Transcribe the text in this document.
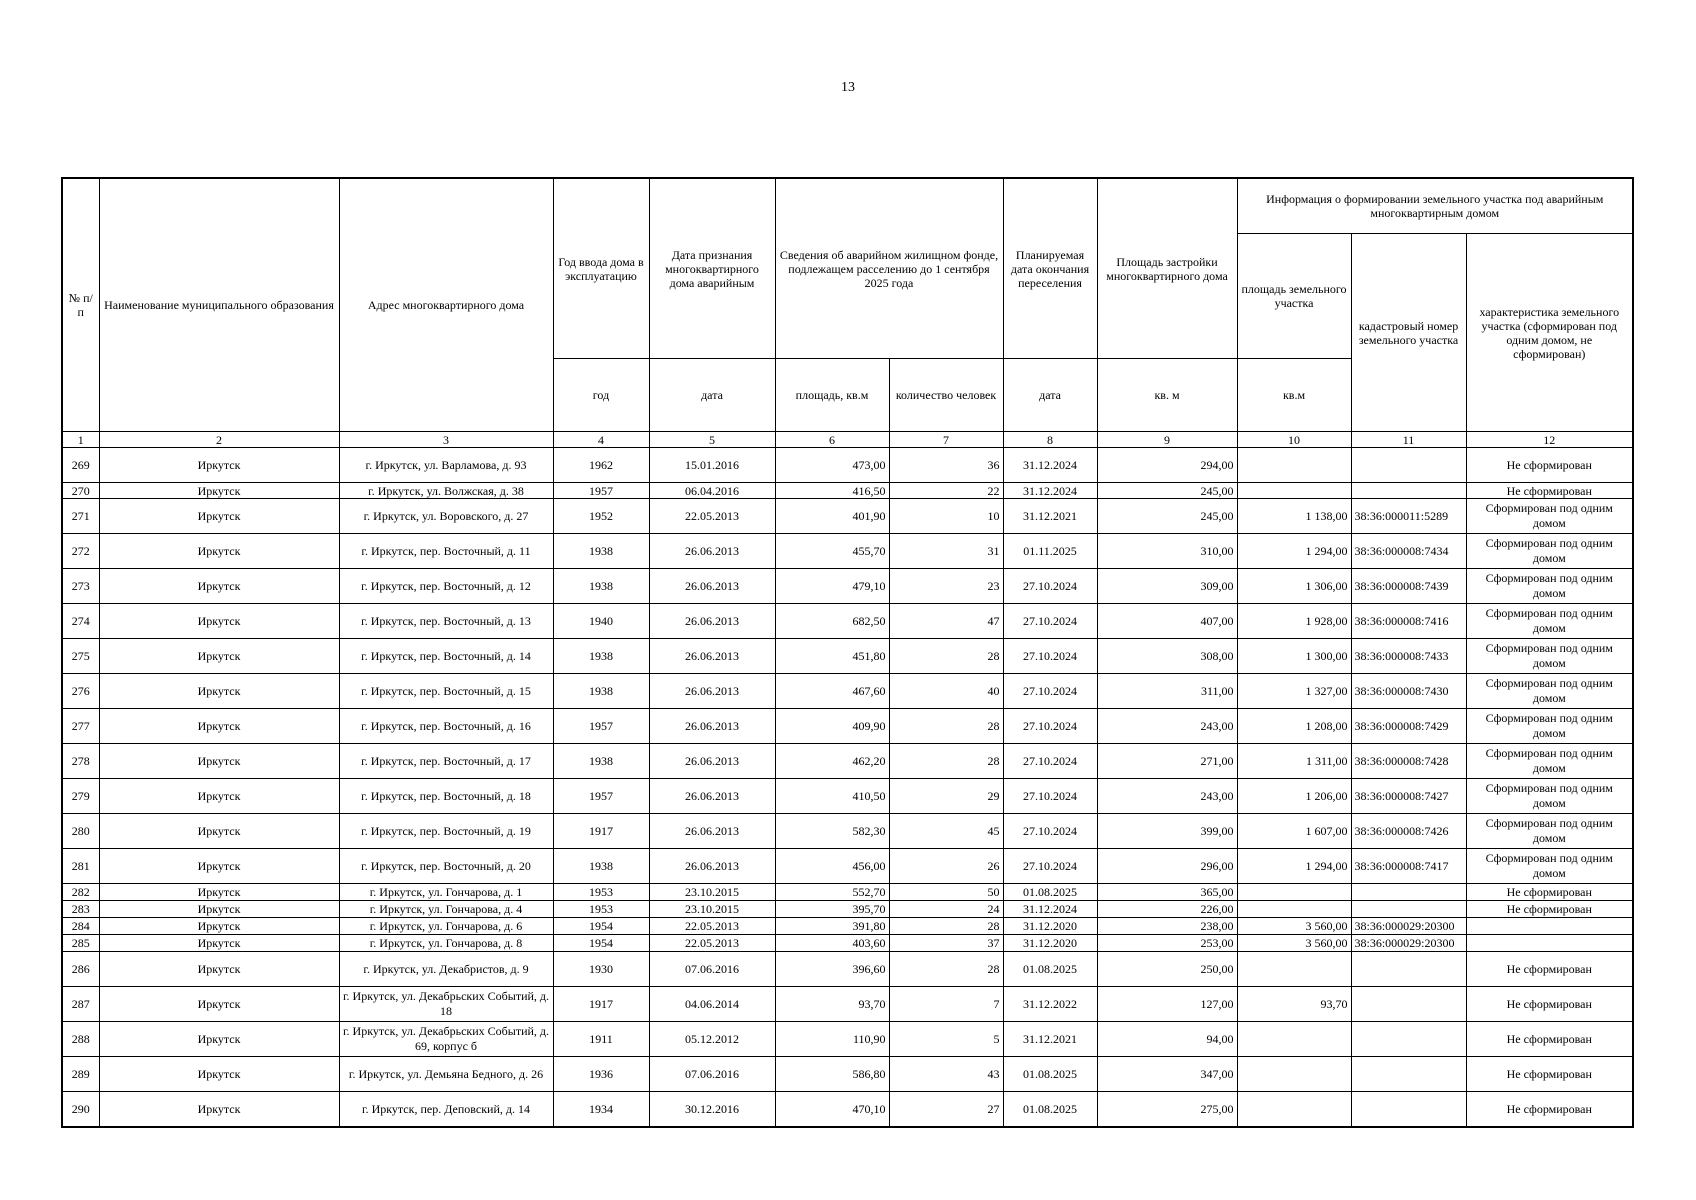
13
№ п/п	Наименование муниципального образования	Адрес многоквартирного дома	Год ввода дома в эксплуатацию	Дата признания многоквартирного дома аварийным	Сведения об аварийном жилищном фонде, подлежащем расселению до 1 сентября 2025 года		Планируемая дата окончания переселения	Площадь застройки многоквартирного дома	Информация о формировании земельного участка под аварийным многоквартирным домом		
									площадь земельного участка	кадастровый номер земельного участка	характеристика земельного участка (сформирован под одним домом, не сформирован)
			год	дата	площадь, кв.м	количество человек	дата	кв. м	кв.м		
1	2	3	4	5	6	7	8	9	10	11	12
269	Иркутск	г. Иркутск, ул. Варламова, д. 93	1962	15.01.2016	473,00	36	31.12.2024	294,00			Не сформирован
270	Иркутск	г. Иркутск, ул. Волжская, д. 38	1957	06.04.2016	416,50	22	31.12.2024	245,00			Не сформирован
271	Иркутск	г. Иркутск, ул. Воровского, д. 27	1952	22.05.2013	401,90	10	31.12.2021	245,00	1 138,00	38:36:000011:5289	Сформирован под одним домом
272	Иркутск	г. Иркутск, пер. Восточный, д. 11	1938	26.06.2013	455,70	31	01.11.2025	310,00	1 294,00	38:36:000008:7434	Сформирован под одним домом
273	Иркутск	г. Иркутск, пер. Восточный, д. 12	1938	26.06.2013	479,10	23	27.10.2024	309,00	1 306,00	38:36:000008:7439	Сформирован под одним домом
274	Иркутск	г. Иркутск, пер. Восточный, д. 13	1940	26.06.2013	682,50	47	27.10.2024	407,00	1 928,00	38:36:000008:7416	Сформирован под одним домом
275	Иркутск	г. Иркутск, пер. Восточный, д. 14	1938	26.06.2013	451,80	28	27.10.2024	308,00	1 300,00	38:36:000008:7433	Сформирован под одним домом
276	Иркутск	г. Иркутск, пер. Восточный, д. 15	1938	26.06.2013	467,60	40	27.10.2024	311,00	1 327,00	38:36:000008:7430	Сформирован под одним домом
277	Иркутск	г. Иркутск, пер. Восточный, д. 16	1957	26.06.2013	409,90	28	27.10.2024	243,00	1 208,00	38:36:000008:7429	Сформирован под одним домом
278	Иркутск	г. Иркутск, пер. Восточный, д. 17	1938	26.06.2013	462,20	28	27.10.2024	271,00	1 311,00	38:36:000008:7428	Сформирован под одним домом
279	Иркутск	г. Иркутск, пер. Восточный, д. 18	1957	26.06.2013	410,50	29	27.10.2024	243,00	1 206,00	38:36:000008:7427	Сформирован под одним домом
280	Иркутск	г. Иркутск, пер. Восточный, д. 19	1917	26.06.2013	582,30	45	27.10.2024	399,00	1 607,00	38:36:000008:7426	Сформирован под одним домом
281	Иркутск	г. Иркутск, пер. Восточный, д. 20	1938	26.06.2013	456,00	26	27.10.2024	296,00	1 294,00	38:36:000008:7417	Сформирован под одним домом
282	Иркутск	г. Иркутск, ул. Гончарова, д. 1	1953	23.10.2015	552,70	50	01.08.2025	365,00			Не сформирован
283	Иркутск	г. Иркутск, ул. Гончарова, д. 4	1953	23.10.2015	395,70	24	31.12.2024	226,00			Не сформирован
284	Иркутск	г. Иркутск, ул. Гончарова, д. 6	1954	22.05.2013	391,80	28	31.12.2020	238,00	3 560,00	38:36:000029:20300	
285	Иркутск	г. Иркутск, ул. Гончарова, д. 8	1954	22.05.2013	403,60	37	31.12.2020	253,00	3 560,00	38:36:000029:20300	
286	Иркутск	г. Иркутск, ул. Декабристов, д. 9	1930	07.06.2016	396,60	28	01.08.2025	250,00			Не сформирован
287	Иркутск	г. Иркутск, ул. Декабрьских Событий, д. 18	1917	04.06.2014	93,70	7	31.12.2022	127,00	93,70		Не сформирован
288	Иркутск	г. Иркутск, ул. Декабрьских Событий, д. 69, корпус б	1911	05.12.2012	110,90	5	31.12.2021	94,00			Не сформирован
289	Иркутск	г. Иркутск, ул. Демьяна Бедного, д. 26	1936	07.06.2016	586,80	43	01.08.2025	347,00			Не сформирован
290	Иркутск	г. Иркутск, пер. Деповский, д. 14	1934	30.12.2016	470,10	27	01.08.2025	275,00			Не сформирован
